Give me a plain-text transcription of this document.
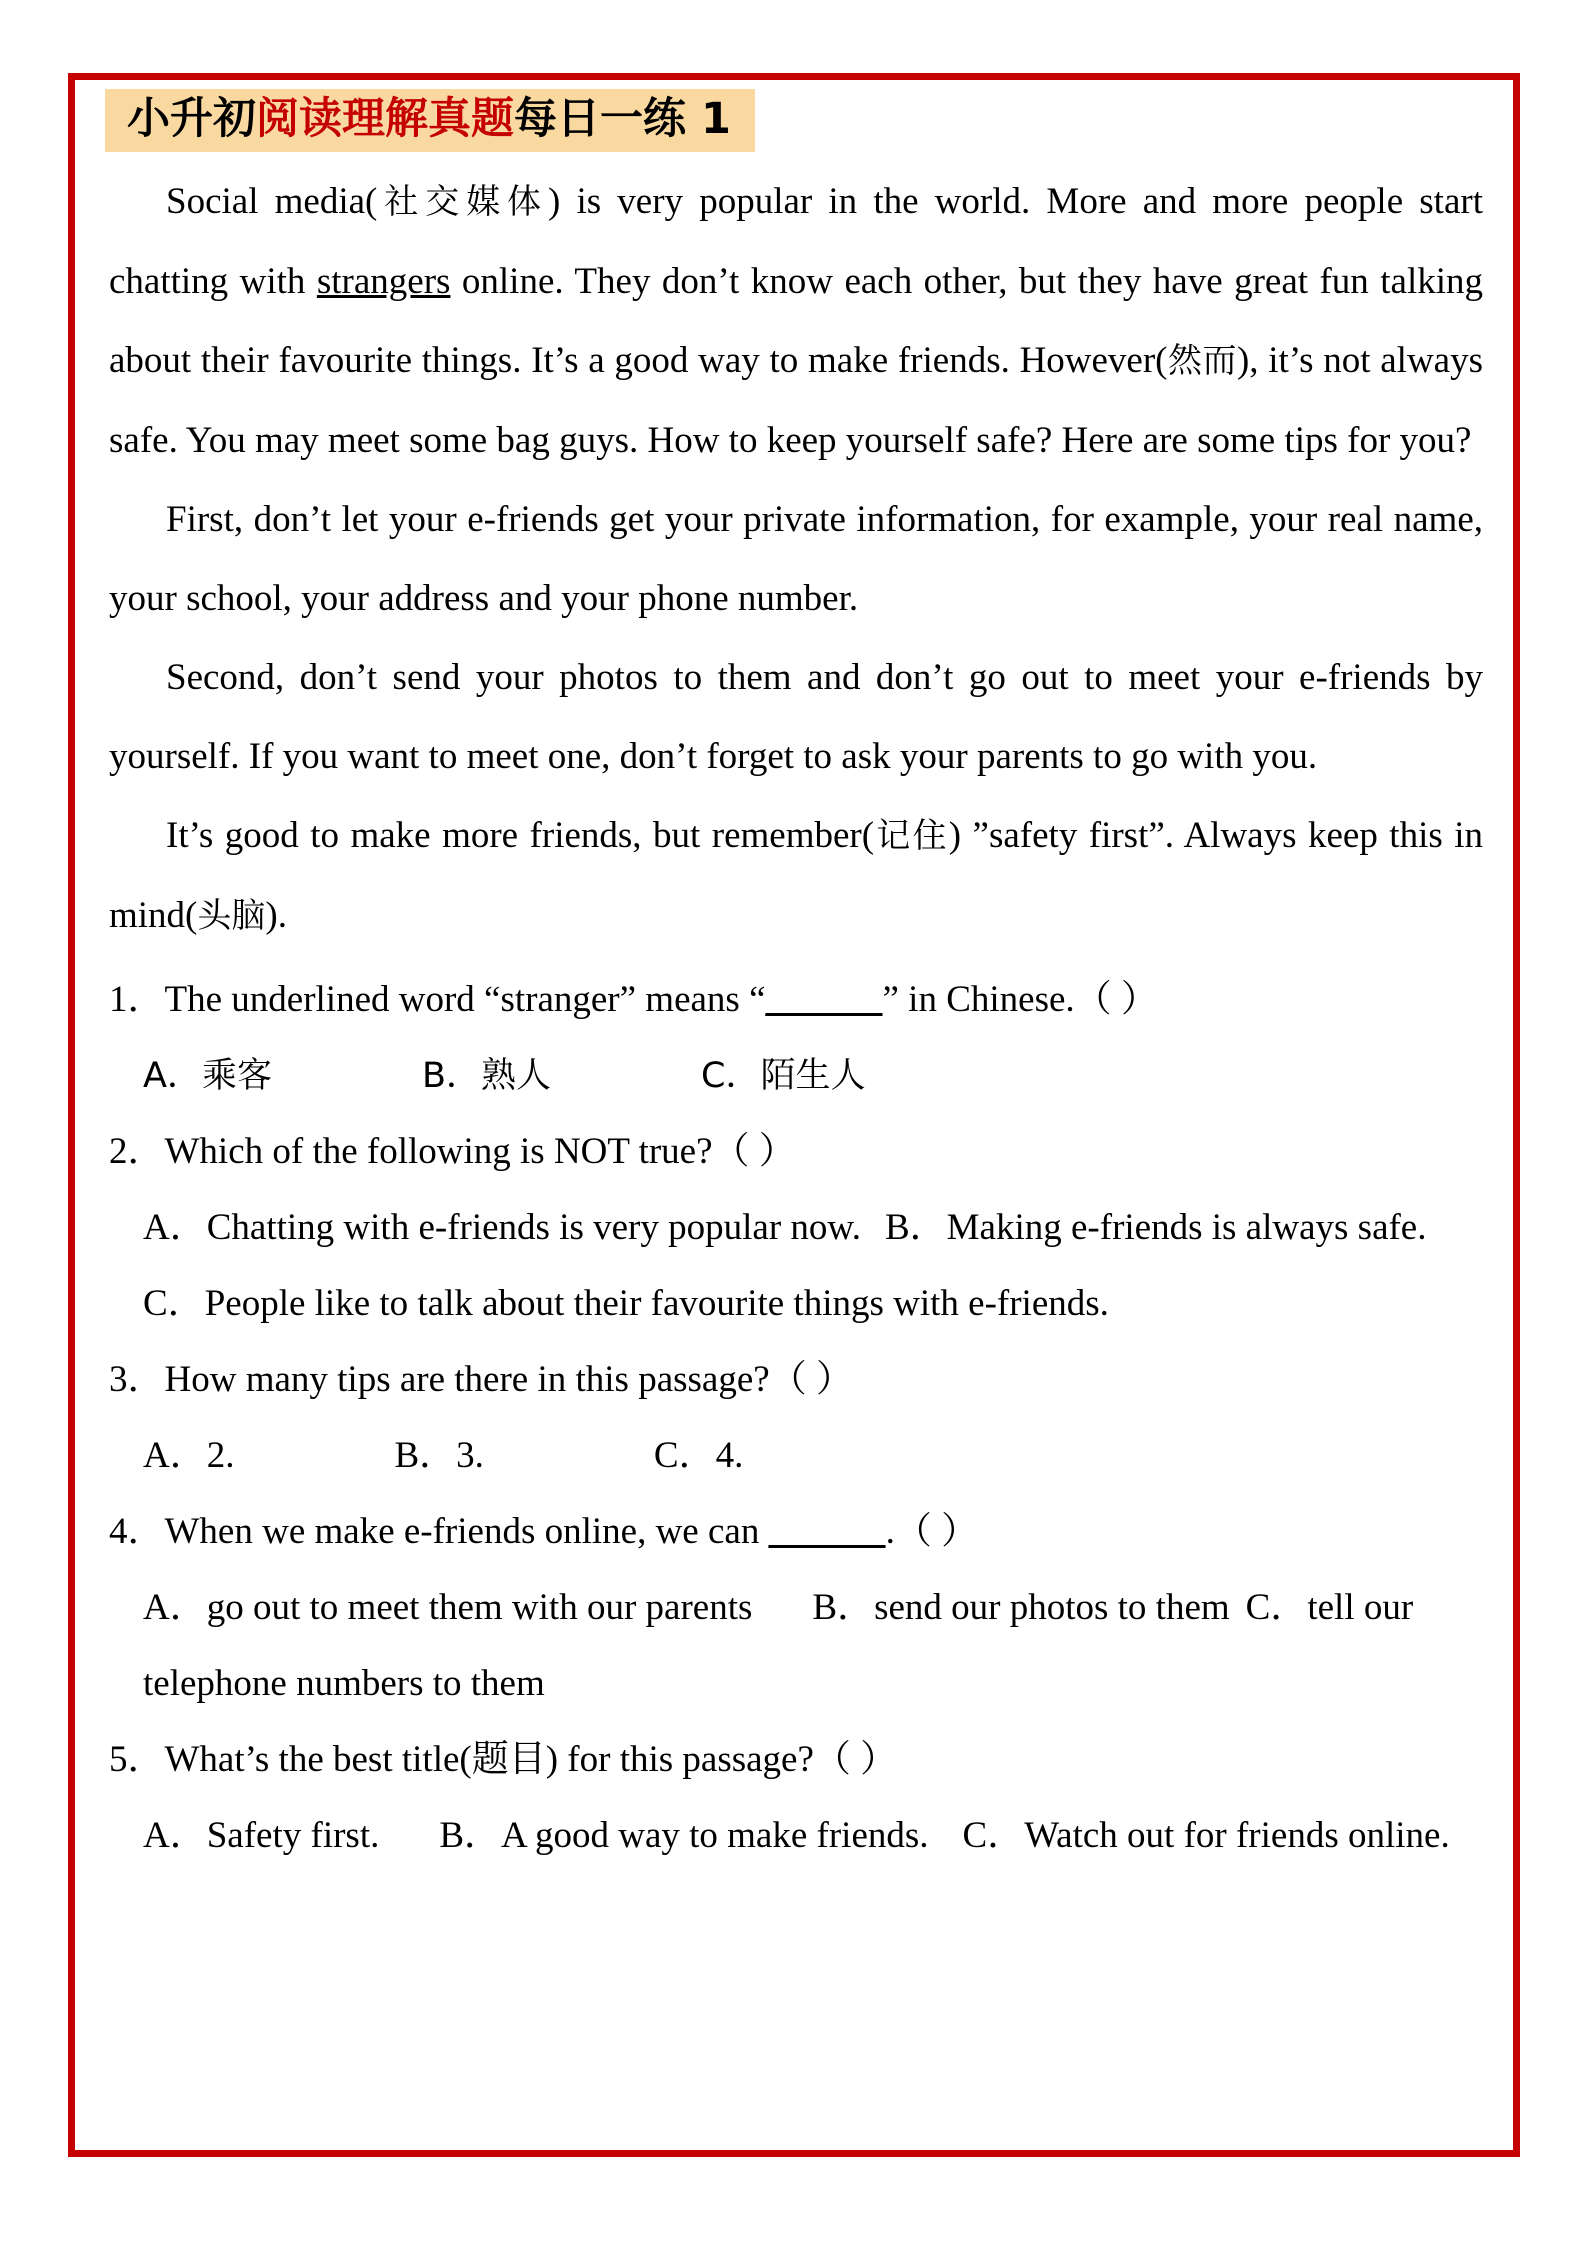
小升初阅读理解真题每日一练 1

Social media(社交媒体) is very popular in the world. More and more people start chatting with strangers online. They don’t know each other, but they have great fun talking about their favourite things. It’s a good way to make friends. However(然而), it’s not always safe. You may meet some bag guys. How to keep yourself safe? Here are some tips for you?

First, don’t let your e-friends get your private information, for example, your real name, your school, your address and your phone number.

Second, don’t send your photos to them and don’t go out to meet your e-friends by yourself. If you want to meet one, don’t forget to ask your parents to go with you.

It’s good to make more friends, but remember(记住) ”safety first”. Always keep this in mind(头脑).

1．The underlined word “stranger” means “______” in Chinese.（ ）

A．乘客	B．熟人	C．陌生人

2．Which of the following is NOT true?（ ）

A．Chatting with e-friends is very popular now. B．Making e-friends is always safe.

C．People like to talk about their favourite things with e-friends.

3．How many tips are there in this passage?（ ）

A．2.	B．3.	C．4.

4．When we make e-friends online, we can ______.（ ）

A．go out to meet them with our parents B．send our photos to them C．tell our telephone numbers to them

5．What’s the best title(题目) for this passage?（ ）

A．Safety first. B．A good way to make friends. C．Watch out for friends online.
